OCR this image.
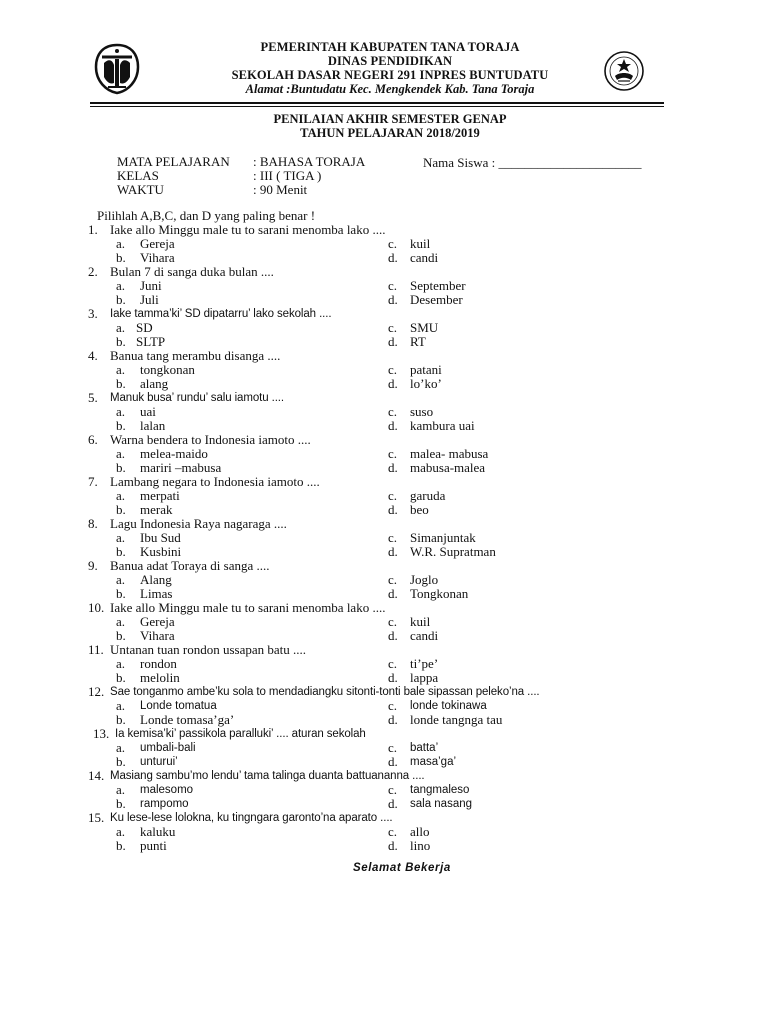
PEMERINTAH KABUPATEN TANA TORAJA
DINAS PENDIDIKAN
SEKOLAH DASAR NEGERI 291 INPRES BUNTUDATU
Alamat :Buntudatu Kec. Mengkendek Kab. Tana Toraja
PENILAIAN AKHIR SEMESTER GENAP
TAHUN PELAJARAN 2018/2019
MATA PELAJARAN : BAHASA TORAJA	Nama Siswa : ______________________
KELAS	: III ( TIGA )
WAKTU	: 90 Menit
Pilihlah A,B,C, dan D yang paling benar !
1. Iake allo Minggu male tu to sarani menomba lako ....
a. Gereja	c. kuil
b. Vihara	d. candi
2. Bulan 7 di sanga duka bulan ....
a. Juni	c. September
b. Juli	d. Desember
3. Iake tamma’ki’ SD dipatarru’ lako sekolah ....
a. SD	c. SMU
b. SLTP	d. RT
4. Banua tang merambu disanga ....
a. tongkonan	c. patani
b. alang	d. lo’ko’
5. Manuk busa’ rundu’ salu iamotu ....
a. uai	c. suso
b. lalan	d. kambura uai
6. Warna bendera to Indonesia iamoto ....
a. melea-maido	c. malea- mabusa
b. mariri –mabusa	d. mabusa-malea
7. Lambang negara to Indonesia iamoto ....
a. merpati	c. garuda
b. merak	d. beo
8. Lagu Indonesia Raya nagaraga ....
a. Ibu Sud	c. Simanjuntak
b. Kusbini	d. W.R. Supratman
9. Banua adat Toraya di sanga ....
a. Alang	c. Joglo
b. Limas	d. Tongkonan
10. Iake allo Minggu male tu to sarani menomba lako ....
a. Gereja	c. kuil
b. Vihara	d. candi
11. Untanan tuan rondon ussapan batu ....
a. rondon	c. ti’pe’
b. melolin	d. lappa
12. Sae tonganmo ambe’ku sola to mendadiangku sitonti-tonti bale sipassan peleko’na ....
a. Londe tomatua	c. londe tokinawa
b. Londe tomasa’ga’	d. londe tangnga tau
13. Ia kemisa’ki’ passikola paralluki’ .... aturan sekolah
a. umbali-bali	c. batta’
b. unturui’	d. masa’ga’
14. Masiang sambu’mo lendu’ tama talinga duanta battuananna ....
a. malesomo	c. tangmaleso
b. rampomo	d. sala nasang
15. Ku lese-lese lolokna, ku tingngara garonto’na aparato ....
a. kaluku	c. allo
b. punti	d. lino
Selamat Bekerja
